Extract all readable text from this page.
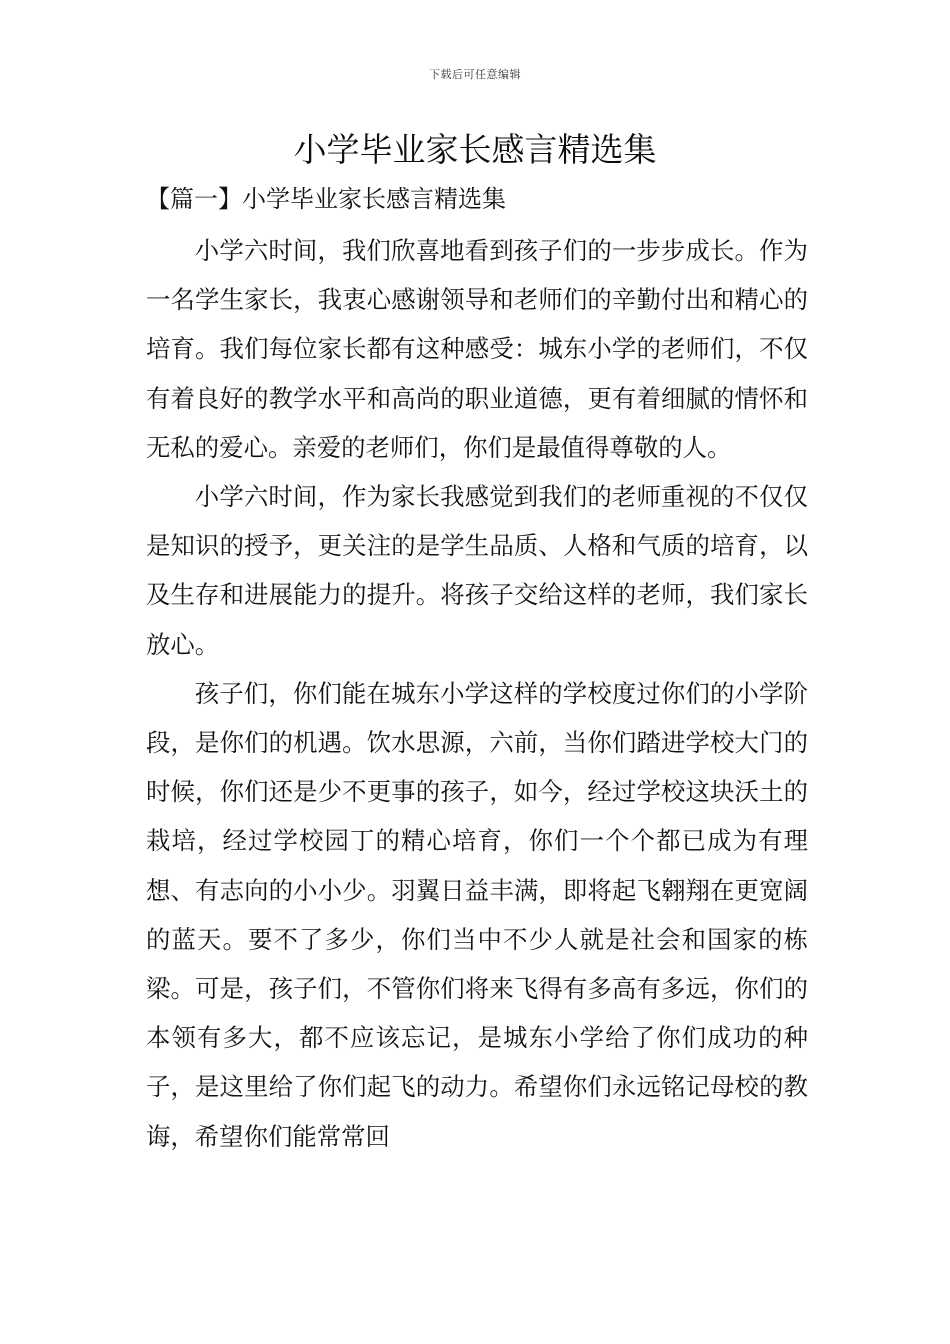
下载后可任意编辑
小学毕业家长感言精选集
【篇一】小学毕业家长感言精选集

小学六时间，我们欣喜地看到孩子们的一步步成长。作为一名学生家长，我衷心感谢领导和老师们的辛勤付出和精心的培育。我们每位家长都有这种感受：城东小学的老师们，不仅有着良好的教学水平和高尚的职业道德，更有着细腻的情怀和无私的爱心。亲爱的老师们，你们是最值得尊敬的人。

小学六时间，作为家长我感觉到我们的老师重视的不仅仅是知识的授予，更关注的是学生品质、人格和气质的培育，以及生存和进展能力的提升。将孩子交给这样的老师，我们家长放心。

孩子们，你们能在城东小学这样的学校度过你们的小学阶段，是你们的机遇。饮水思源，六前，当你们踏进学校大门的时候，你们还是少不更事的孩子，如今，经过学校这块沃土的栽培，经过学校园丁的精心培育，你们一个个都已成为有理想、有志向的小小少。羽翼日益丰满，即将起飞翱翔在更宽阔的蓝天。要不了多少，你们当中不少人就是社会和国家的栋梁。可是，孩子们，不管你们将来飞得有多高有多远，你们的本领有多大，都不应该忘记，是城东小学给了你们成功的种子，是这里给了你们起飞的动力。希望你们永远铭记母校的教诲，希望你们能常常回
